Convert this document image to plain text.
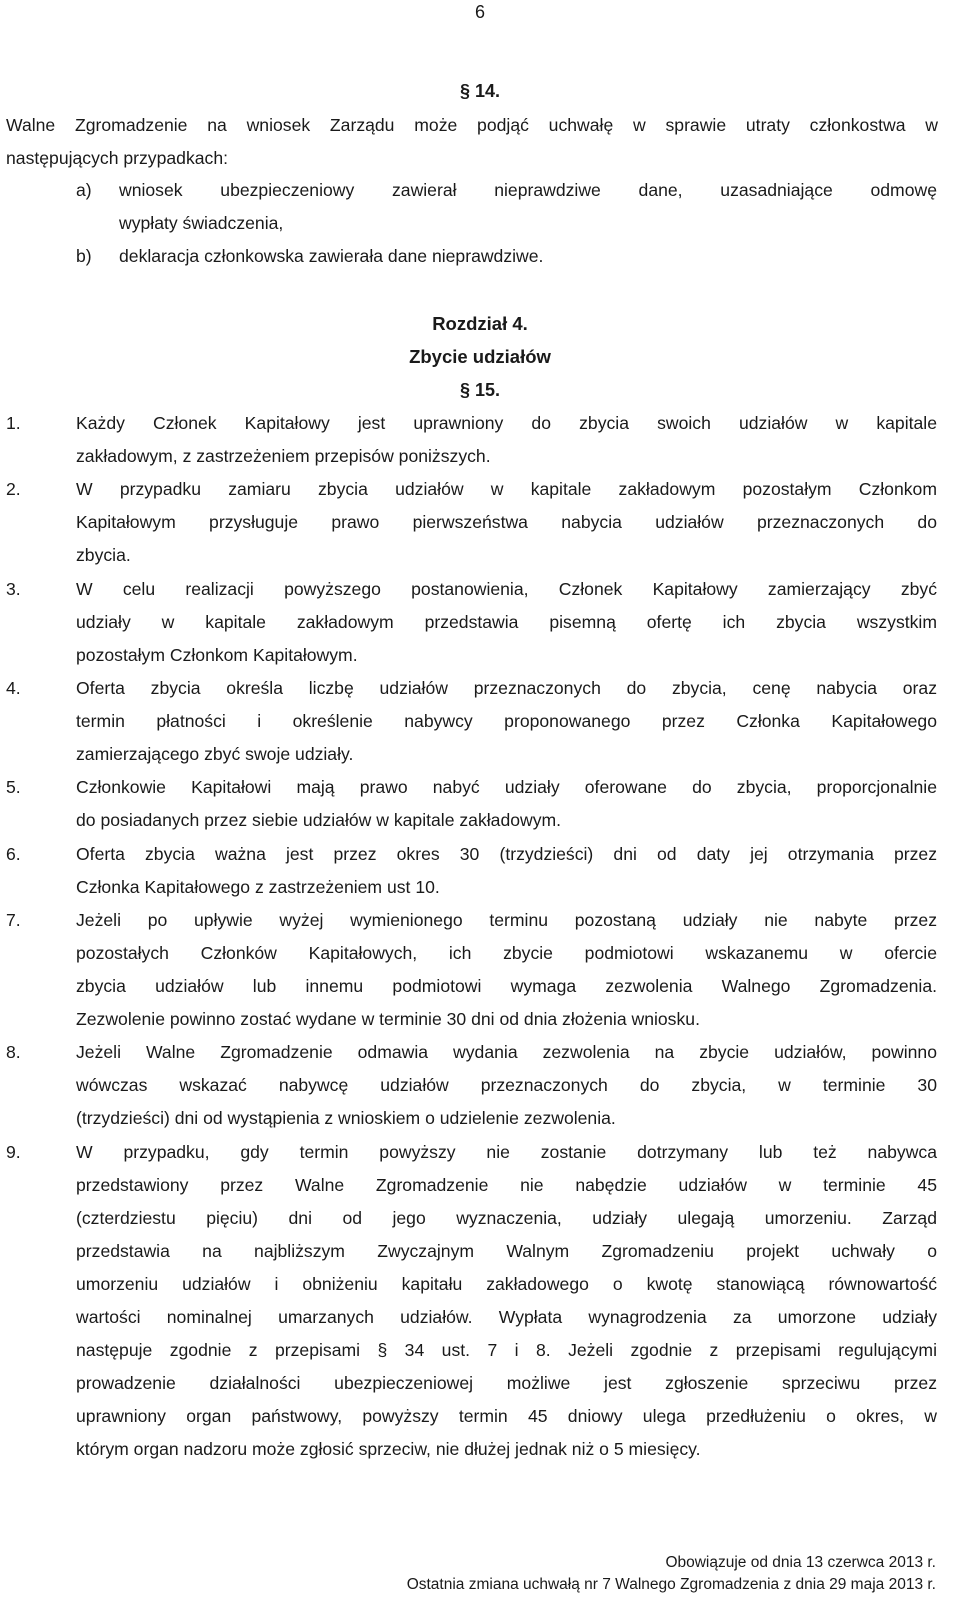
6
§ 14.
Walne Zgromadzenie na wniosek Zarządu może podjąć uchwałę w sprawie utraty członkostwa w
następujących przypadkach:
a) wniosek ubezpieczeniowy zawierał nieprawdziwe dane, uzasadniające odmowę
wypłaty świadczenia,
b) deklaracja członkowska zawierała dane nieprawdziwe.
Rozdział 4.
Zbycie udziałów
§ 15.
1.	Każdy Członek Kapitałowy jest uprawniony do zbycia swoich udziałów w kapitale
zakładowym, z zastrzeżeniem przepisów poniższych.
2.	W przypadku zamiaru zbycia udziałów w kapitale zakładowym pozostałym Członkom
Kapitałowym przysługuje prawo pierwszeństwa nabycia udziałów przeznaczonych do
zbycia.
3.	W celu realizacji powyższego postanowienia, Członek Kapitałowy zamierzający zbyć
udziały w kapitale zakładowym przedstawia pisemną ofertę ich zbycia wszystkim
pozostałym Członkom Kapitałowym.
4.	Oferta zbycia określa liczbę udziałów przeznaczonych do zbycia, cenę nabycia oraz
termin płatności i określenie nabywcy proponowanego przez Członka Kapitałowego
zamierzającego zbyć swoje udziały.
5.	Członkowie Kapitałowi mają prawo nabyć udziały oferowane do zbycia, proporcjonalnie
do posiadanych przez siebie udziałów w kapitale zakładowym.
6.	Oferta zbycia ważna jest przez okres 30 (trzydzieści) dni od daty jej otrzymania przez
Członka Kapitałowego z zastrzeżeniem ust 10.
7.	Jeżeli po upływie wyżej wymienionego terminu pozostaną udziały nie nabyte przez
pozostałych Członków Kapitałowych, ich zbycie podmiotowi wskazanemu w ofercie
zbycia udziałów lub innemu podmiotowi wymaga zezwolenia Walnego Zgromadzenia.
Zezwolenie powinno zostać wydane w terminie 30 dni od dnia złożenia wniosku.
8.	Jeżeli Walne Zgromadzenie odmawia wydania zezwolenia na zbycie udziałów, powinno
wówczas wskazać nabywcę udziałów przeznaczonych do zbycia, w terminie 30
(trzydzieści) dni od wystąpienia z wnioskiem o udzielenie zezwolenia.
9.	W przypadku, gdy termin powyższy nie zostanie dotrzymany lub też nabywca
przedstawiony przez Walne Zgromadzenie nie nabędzie udziałów w terminie 45
(czterdziestu pięciu) dni od jego wyznaczenia, udziały ulegają umorzeniu. Zarząd
przedstawia na najbliższym Zwyczajnym Walnym Zgromadzeniu projekt uchwały o
umorzeniu udziałów i obniżeniu kapitału zakładowego o kwotę stanowiącą równowartość
wartości nominalnej umarzanych udziałów. Wypłata wynagrodzenia za umorzone udziały
następuje zgodnie z przepisami § 34 ust. 7 i 8. Jeżeli zgodnie z przepisami regulującymi
prowadzenie działalności ubezpieczeniowej możliwe jest zgłoszenie sprzeciwu przez
uprawniony organ państwowy, powyższy termin 45 dniowy ulega przedłużeniu o okres, w
którym organ nadzoru może zgłosić sprzeciw, nie dłużej jednak niż o 5 miesięcy.
Obowiązuje od dnia 13 czerwca 2013 r.
Ostatnia zmiana uchwałą nr 7 Walnego Zgromadzenia z dnia 29 maja 2013 r.
